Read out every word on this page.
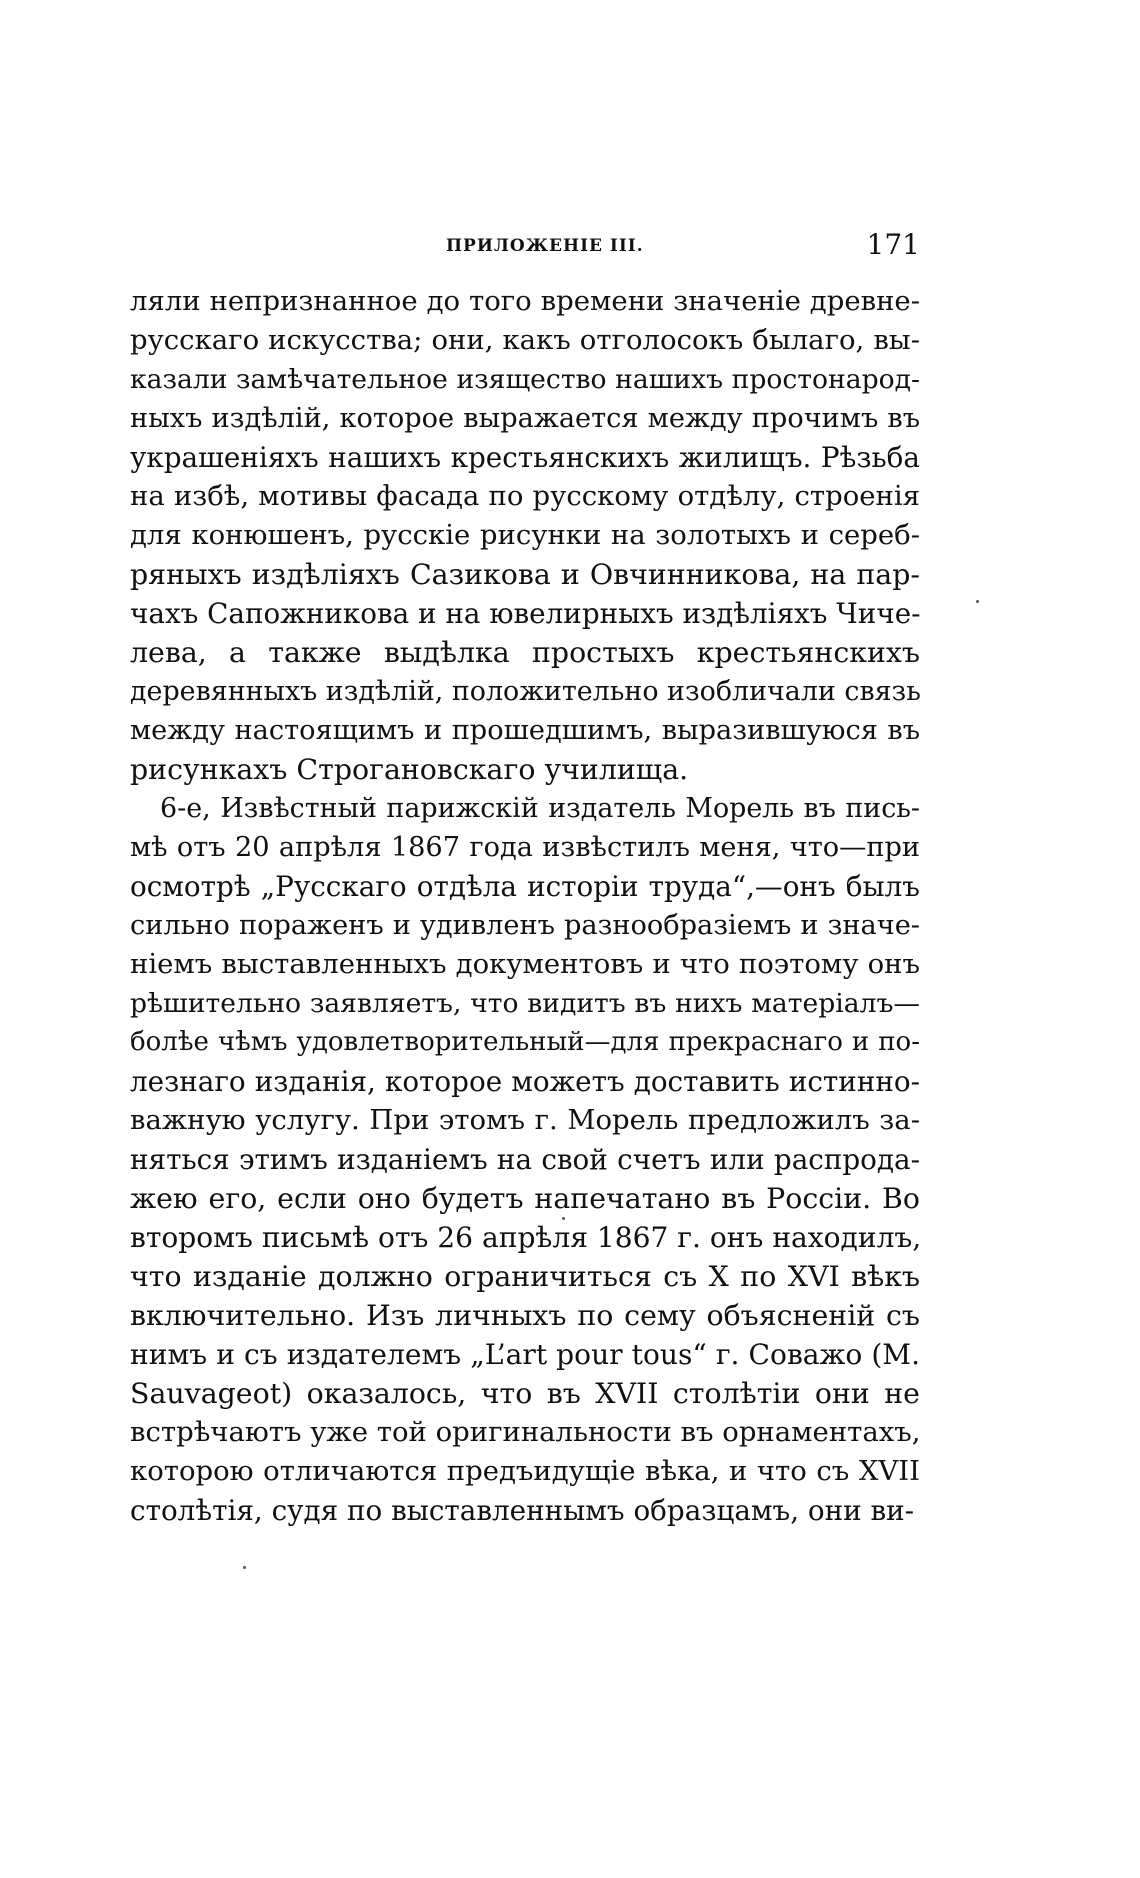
ПРИЛОЖЕНІЕ III.	171
ляли непризнанное до того времени значеніе древне-
русскаго искусства; они, какъ отголосокъ былаго, вы-
казали замѣчательное изящество нашихъ простонарод-
ныхъ издѣлій, которое выражается между прочимъ въ
украшеніяхъ нашихъ крестьянскихъ жилищъ. Рѣзьба
на избѣ, мотивы фасада по русскому отдѣлу, строенія
для конюшенъ, русскіе рисунки на золотыхъ и сереб-
ряныхъ издѣліяхъ Сазикова и Овчинникова, на пар-
чахъ Сапожникова и на ювелирныхъ издѣліяхъ Чиче-
лева, а также выдѣлка простыхъ крестьянскихъ
деревянныхъ издѣлій, положительно изобличали связь
между настоящимъ и прошедшимъ, выразившуюся въ
рисункахъ Строгановскаго училища.
6-е, Извѣстный парижскій издатель Морель въ пись-
мѣ отъ 20 апрѣля 1867 года извѣстилъ меня, что—при
осмотрѣ „Русскаго отдѣла исторіи труда“,—онъ былъ
сильно пораженъ и удивленъ разнообразіемъ и значе-
ніемъ выставленныхъ документовъ и что поэтому онъ
рѣшительно заявляетъ, что видитъ въ нихъ матеріалъ—
болѣе чѣмъ удовлетворительный—для прекраснаго и по-
лезнаго изданія, которое можетъ доставить истинно-
важную услугу. При этомъ г. Морель предложилъ за-
няться этимъ изданіемъ на свой счетъ или распрода-
жею его, если оно будетъ напечатано въ Россіи. Во
второмъ письмѣ отъ 26 апрѣля 1867 г. онъ находилъ,
что изданіе должно ограничиться съ X по XVI вѣкъ
включительно. Изъ личныхъ по сему объясненій съ
нимъ и съ издателемъ „L’art pour tous“ г. Соважо (M.
Sauvageot) оказалось, что въ XVII столѣтіи они не
встрѣчаютъ уже той оригинальности въ орнаментахъ,
которою отличаются предъидущіе вѣка, и что съ XVII
столѣтія, судя по выставленнымъ образцамъ, они ви-
